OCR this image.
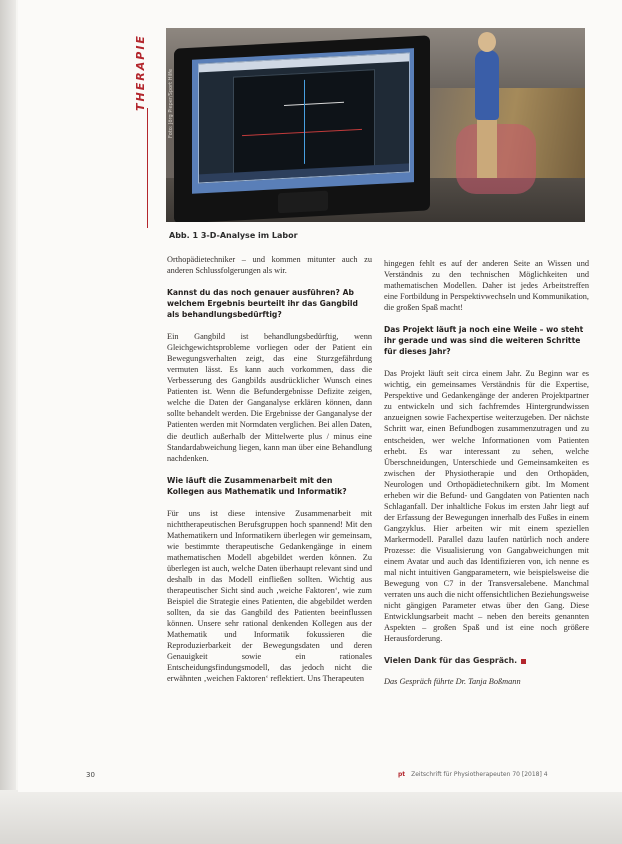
THERAPIE	Foto: Jörg Pieper/Sport Hilfe
Abb. 1 3-D-Analyse im Labor

Orthopädietechniker – und kommen mitunter auch zu anderen Schlussfolgerungen als wir.

Kannst du das noch genauer ausführen? Ab welchem Ergebnis beurteilt ihr das Gangbild als behandlungsbedürftig?

Ein Gangbild ist behandlungsbedürftig, wenn Gleichgewichtsprobleme vorliegen oder der Patient ein Bewegungsverhalten zeigt, das eine Sturzgefährdung vermuten lässt. Es kann auch vorkommen, dass die Verbesserung des Gangbilds ausdrücklicher Wunsch eines Patienten ist. Wenn die Befundergebnisse Defizite zeigen, welche die Daten der Ganganalyse erklären können, dann sollte behandelt werden. Die Ergebnisse der Ganganalyse der Patienten werden mit Normdaten verglichen. Bei allen Daten, die deutlich außerhalb der Mittelwerte plus / minus eine Standardabweichung liegen, kann man über eine Behandlung nachdenken.

Wie läuft die Zusammenarbeit mit den Kollegen aus Mathematik und Informatik?

Für uns ist diese intensive Zusammenarbeit mit nichttherapeutischen Berufsgruppen hoch spannend! Mit den Mathematikern und Informatikern überlegen wir gemeinsam, wie bestimmte therapeutische Gedankengänge in einem mathematischen Modell abgebildet werden können. Zu überlegen ist auch, welche Daten überhaupt relevant sind und deshalb in das Modell einfließen sollten. Wichtig aus therapeutischer Sicht sind auch ‚weiche Faktoren‘, wie zum Beispiel die Strategie eines Patienten, die abgebildet werden sollten, da sie das Gangbild des Patienten beeinflussen können. Unsere sehr rational denkenden Kollegen aus der Mathematik und Informatik fokussieren die Reproduzierbarkeit der Bewegungsdaten und deren Genauigkeit sowie ein rationales Entscheidungsfindungsmodell, das jedoch nicht die erwähnten ‚weichen Faktoren‘ reflektiert. Uns Therapeuten

hingegen fehlt es auf der anderen Seite an Wissen und Verständnis zu den technischen Möglichkeiten und mathematischen Modellen. Daher ist jedes Arbeitstreffen eine Fortbildung in Perspektivwechseln und Kommunikation, die großen Spaß macht!

Das Projekt läuft ja noch eine Weile – wo steht ihr gerade und was sind die weiteren Schritte für dieses Jahr?

Das Projekt läuft seit circa einem Jahr. Zu Beginn war es wichtig, ein gemeinsames Verständnis für die Expertise, Perspektive und Gedankengänge der anderen Projektpartner zu entwickeln und sich fachfremdes Hintergrundwissen anzueignen sowie Fachexpertise weiterzugeben. Der nächste Schritt war, einen Befundbogen zusammenzutragen und zu entscheiden, wer welche Informationen vom Patienten erhebt. Es war interessant zu sehen, welche Überschneidungen, Unterschiede und Gemeinsamkeiten es zwischen der Physiotherapie und den Orthopäden, Neurologen und Orthopädietechnikern gibt. Im Moment erheben wir die Befund- und Gangdaten von Patienten nach Schlaganfall. Der inhaltliche Fokus im ersten Jahr liegt auf der Erfassung der Bewegungen innerhalb des Fußes in einem Gangzyklus. Hier arbeiten wir mit einem speziellen Markermodell. Parallel dazu laufen natürlich noch andere Prozesse: die Visualisierung von Gangabweichungen mit einem Avatar und auch das Identifizieren von, ich nenne es mal nicht intuitiven Gangparametern, wie beispielsweise die Bewegung von C7 in der Transversalebene. Manchmal verraten uns auch die nicht offensichtlichen Beziehungsweise nicht gängigen Parameter etwas über den Gang. Diese Entwicklungsarbeit macht – neben den bereits genannten Aspekten – großen Spaß und ist eine noch größere Herausforderung.

Vielen Dank für das Gespräch.

Das Gespräch führte Dr. Tanja Boßmann

30	pt Zeitschrift für Physiotherapeuten 70 [2018] 4
